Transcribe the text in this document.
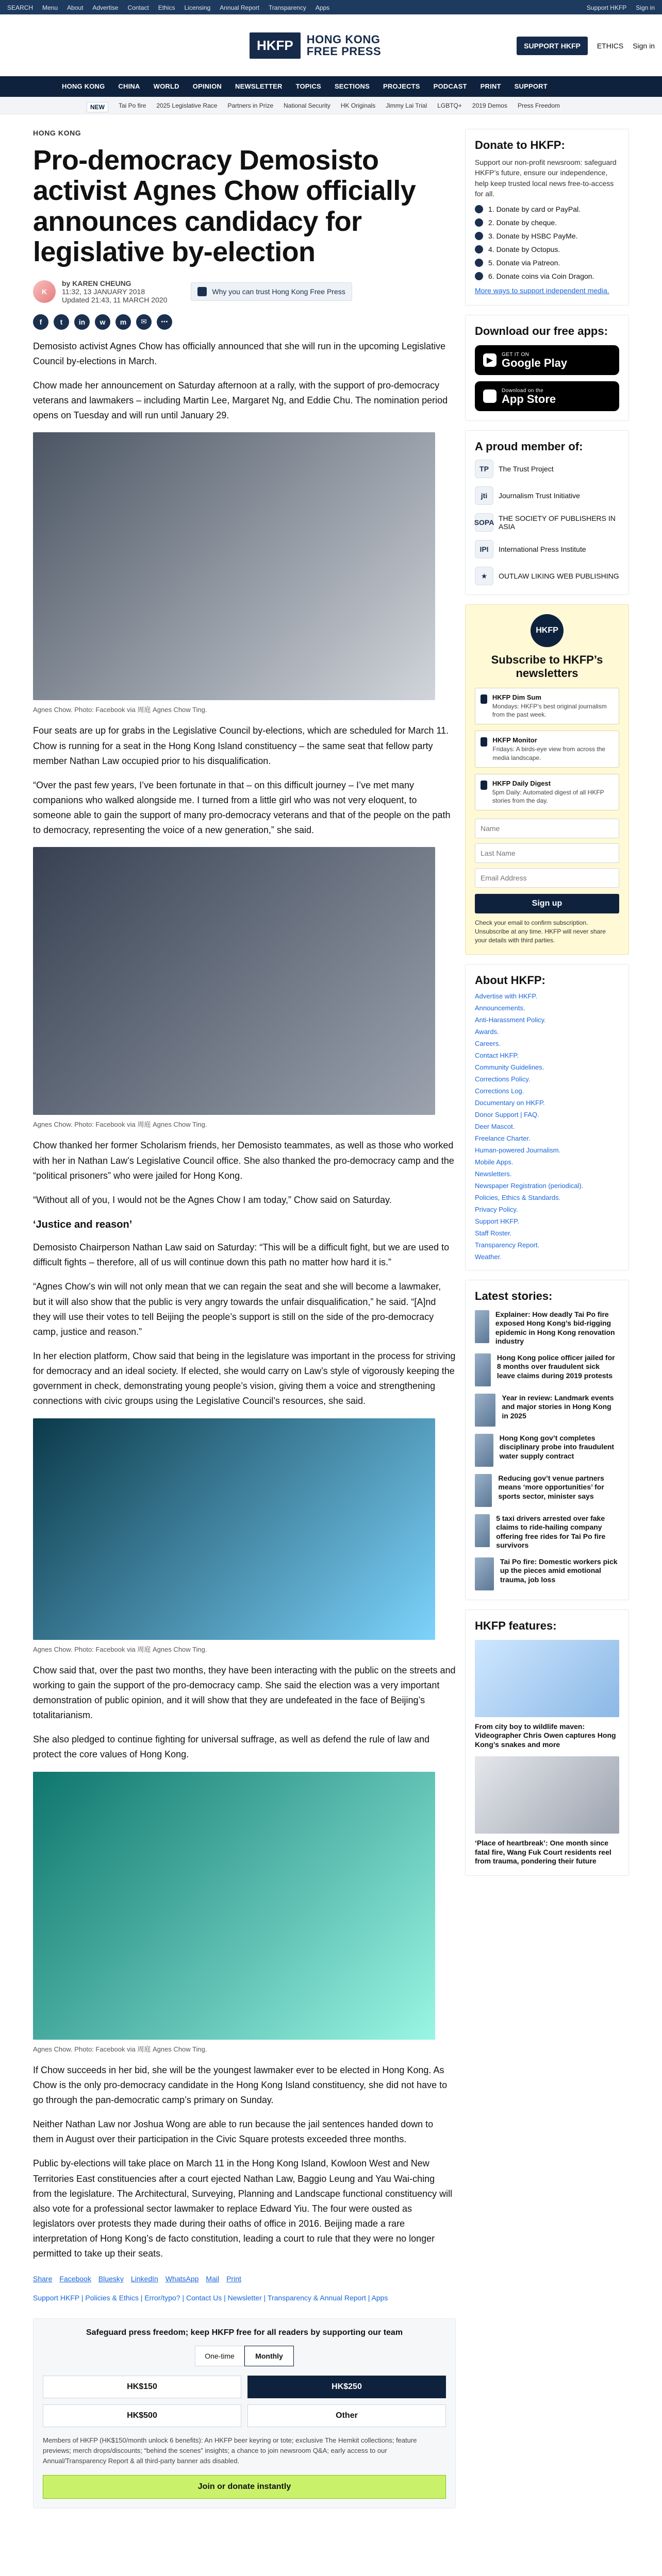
SEARCH Menu About Advertise Contact Ethics Licensing Annual Report Transparency Apps	Support HKFP Sign in
HKFP	HONG KONG
FREE PRESS	SUPPORT HKFP	ETHICS Sign in
HONG KONG CHINA WORLD OPINION NEWSLETTER TOPICS SECTIONS PROJECTS PODCAST PRINT SUPPORT
NEW	Tai Po fire 2025 Legislative Race Partners in Prize National Security HK Originals Jimmy Lai Trial LGBTQ+ 2019 Demos Press Freedom
HONG KONG
Pro-democracy Demosisto activist Agnes Chow officially announces candidacy for legislative by-election
K
by KAREN CHEUNG
11:32, 13 JANUARY 2018
Updated 21:43, 11 MARCH 2020
Why you can trust Hong Kong Free Press
f	t	in	w	m	✉	⋯

Demosisto activist Agnes Chow has officially announced that she will run in the upcoming Legislative Council by-elections in March.

Chow made her announcement on Saturday afternoon at a rally, with the support of pro-democracy veterans and lawmakers – including Martin Lee, Margaret Ng, and Eddie Chu. The nomination period opens on Tuesday and will run until January 29.

Agnes Chow. Photo: Facebook via 周庭 Agnes Chow Ting.

Four seats are up for grabs in the Legislative Council by-elections, which are scheduled for March 11. Chow is running for a seat in the Hong Kong Island constituency – the same seat that fellow party member Nathan Law occupied prior to his disqualification.

“Over the past few years, I’ve been fortunate in that – on this difficult journey – I’ve met many companions who walked alongside me. I turned from a little girl who was not very eloquent, to someone able to gain the support of many pro-democracy veterans and that of the people on the path to democracy, representing the voice of a new generation,” she said.

Agnes Chow. Photo: Facebook via 周庭 Agnes Chow Ting.

Chow thanked her former Scholarism friends, her Demosisto teammates, as well as those who worked with her in Nathan Law’s Legislative Council office. She also thanked the pro-democracy camp and the “political prisoners” who were jailed for Hong Kong.

“Without all of you, I would not be the Agnes Chow I am today,” Chow said on Saturday.

‘Justice and reason’

Demosisto Chairperson Nathan Law said on Saturday: “This will be a difficult fight, but we are used to difficult fights – therefore, all of us will continue down this path no matter how hard it is.”

“Agnes Chow’s win will not only mean that we can regain the seat and she will become a lawmaker, but it will also show that the public is very angry towards the unfair disqualification,” he said. “[A]nd they will use their votes to tell Beijing the people’s support is still on the side of the pro-democracy camp, justice and reason.”

In her election platform, Chow said that being in the legislature was important in the process for striving for democracy and an ideal society. If elected, she would carry on Law’s style of vigorously keeping the government in check, demonstrating young people’s vision, giving them a voice and strengthening connections with civic groups using the Legislative Council’s resources, she said.

Agnes Chow. Photo: Facebook via 周庭 Agnes Chow Ting.

Chow said that, over the past two months, they have been interacting with the public on the streets and working to gain the support of the pro-democracy camp. She said the election was a very important demonstration of public opinion, and it will show that they are undefeated in the face of Beijing’s totalitarianism.

She also pledged to continue fighting for universal suffrage, as well as defend the rule of law and protect the core values of Hong Kong.

Agnes Chow. Photo: Facebook via 周庭 Agnes Chow Ting.

If Chow succeeds in her bid, she will be the youngest lawmaker ever to be elected in Hong Kong. As Chow is the only pro-democracy candidate in the Hong Kong Island constituency, she did not have to go through the pan-democratic camp’s primary on Sunday.

Neither Nathan Law nor Joshua Wong are able to run because the jail sentences handed down to them in August over their participation in the Civic Square protests exceeded three months.

Public by-elections will take place on March 11 in the Hong Kong Island, Kowloon West and New Territories East constituencies after a court ejected Nathan Law, Baggio Leung and Yau Wai-ching from the legislature. The Architectural, Surveying, Planning and Landscape functional constituency will also vote for a professional sector lawmaker to replace Edward Yiu. The four were ousted as legislators over protests they made during their oaths of office in 2016. Beijing made a rare interpretation of Hong Kong’s de facto constitution, leading a court to rule that they were no longer permitted to take up their seats.

Share Facebook Bluesky LinkedIn WhatsApp Mail Print
Support HKFP | Policies & Ethics | Error/typo? | Contact Us | Newsletter | Transparency & Annual Report | Apps
Safeguard press freedom; keep HKFP free for all readers by supporting our team
One-time	Monthly
HK$150	HK$250
HK$500	Other
Members of HKFP (HK$150/month unlock 6 benefits): An HKFP beer keyring or tote; exclusive The Hemkit collections; feature previews; merch drops/discounts; “behind the scenes” insights; a chance to join newsroom Q&A; early access to our Annual/Transparency Report & all third-party banner ads disabled.
Join or donate instantly
Donate to HKFP:
Support our non-profit newsroom: safeguard HKFP’s future, ensure our independence, help keep trusted local news free-to-access for all.
1. Donate by card or PayPal.
2. Donate by cheque.
3. Donate by HSBC PayMe.
4. Donate by Octopus.
5. Donate via Patreon.
6. Donate coins via Coin Dragon.
More ways to support independent media.
Download our free apps:
▶
GET IT ON
Google Play
Download on the
App Store
A proud member of:
TP	The Trust Project
jti	Journalism Trust Initiative
SOPA THE SOCIETY OF PUBLISHERS IN ASIA
IPI	International Press Institute
★	OUTLAW LIKING WEB PUBLISHING
HKFP
Subscribe to HKFP’s newsletters
HKFP Dim Sum
Mondays: HKFP’s best original journalism from the past week.
HKFP Monitor
Fridays: A birds-eye view from across the media landscape.
HKFP Daily Digest
5pm Daily: Automated digest of all HKFP stories from the day.
Name
Last Name
Email Address
Sign up
Check your email to confirm subscription. Unsubscribe at any time. HKFP will never share your details with third parties.
About HKFP:
Advertise with HKFP.
Announcements.
Anti-Harassment Policy.
Awards.
Careers.
Contact HKFP.
Community Guidelines.
Corrections Policy.
Corrections Log.
Documentary on HKFP.
Donor Support | FAQ.
Deer Mascot.
Freelance Charter.
Human-powered Journalism.
Mobile Apps.
Newsletters.
Newspaper Registration (periodical).
Policies, Ethics & Standards.
Privacy Policy.
Support HKFP.
Staff Roster.
Transparency Report.
Weather.
Latest stories:
Explainer: How deadly Tai Po fire exposed Hong Kong’s bid-rigging epidemic in Hong Kong renovation industry
Hong Kong police officer jailed for 8 months over fraudulent sick leave claims during 2019 protests
Year in review: Landmark events and major stories in Hong Kong in 2025
Hong Kong gov’t completes disciplinary probe into fraudulent water supply contract
Reducing gov’t venue partners means ‘more opportunities’ for sports sector, minister says
5 taxi drivers arrested over fake claims to ride-hailing company offering free rides for Tai Po fire survivors
Tai Po fire: Domestic workers pick up the pieces amid emotional trauma, job loss
HKFP features:
From city boy to wildlife maven: Videographer Chris Owen captures Hong Kong’s snakes and more
‘Place of heartbreak’: One month since fatal fire, Wang Fuk Court residents reel from trauma, pondering their future
